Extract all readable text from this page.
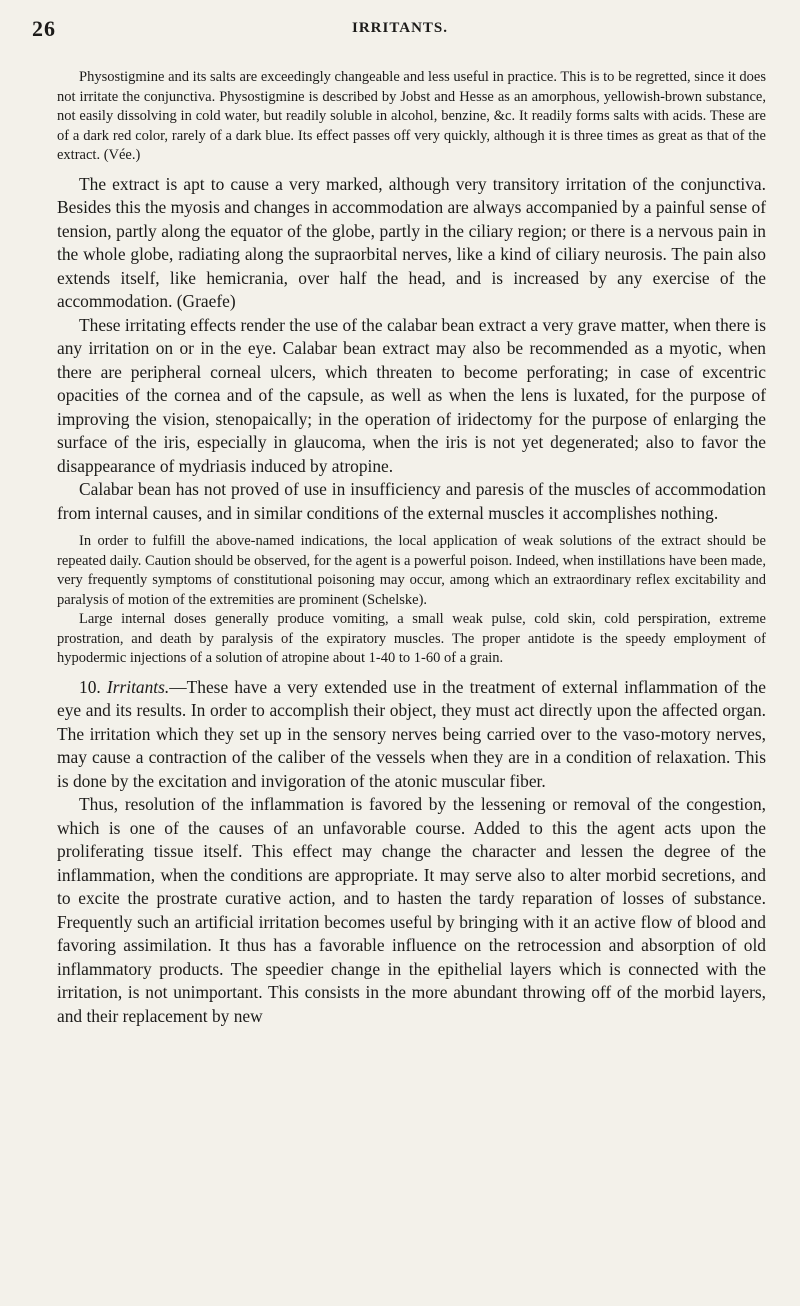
26	IRRITANTS.

Physostigmine and its salts are exceedingly changeable and less useful in practice. This is to be regretted, since it does not irritate the conjunctiva. Physostigmine is described by Jobst and Hesse as an amorphous, yellowish-brown substance, not easily dissolving in cold water, but readily soluble in alcohol, benzine, &c. It readily forms salts with acids. These are of a dark red color, rarely of a dark blue. Its effect passes off very quickly, although it is three times as great as that of the extract. (Vée.)

The extract is apt to cause a very marked, although very transitory irritation of the conjunctiva. Besides this the myosis and changes in accommodation are always accompanied by a painful sense of tension, partly along the equator of the globe, partly in the ciliary region; or there is a nervous pain in the whole globe, radiating along the supraorbital nerves, like a kind of ciliary neurosis. The pain also extends itself, like hemicrania, over half the head, and is increased by any exercise of the accommodation. (Graefe)

These irritating effects render the use of the calabar bean extract a very grave matter, when there is any irritation on or in the eye. Calabar bean extract may also be recommended as a myotic, when there are peripheral corneal ulcers, which threaten to become perforating; in case of excentric opacities of the cornea and of the capsule, as well as when the lens is luxated, for the purpose of improving the vision, stenopaically; in the operation of iridectomy for the purpose of enlarging the surface of the iris, especially in glaucoma, when the iris is not yet degenerated; also to favor the disappearance of mydriasis induced by atropine.

Calabar bean has not proved of use in insufficiency and paresis of the muscles of accommodation from internal causes, and in similar conditions of the external muscles it accomplishes nothing.

In order to fulfill the above-named indications, the local application of weak solutions of the extract should be repeated daily. Caution should be observed, for the agent is a powerful poison. Indeed, when instillations have been made, very frequently symptoms of constitutional poisoning may occur, among which an extraordinary reflex excitability and paralysis of motion of the extremities are prominent (Schelske).

Large internal doses generally produce vomiting, a small weak pulse, cold skin, cold perspiration, extreme prostration, and death by paralysis of the expiratory muscles. The proper antidote is the speedy employment of hypodermic injections of a solution of atropine about 1-40 to 1-60 of a grain.

10. Irritants.—These have a very extended use in the treatment of external inflammation of the eye and its results. In order to accomplish their object, they must act directly upon the affected organ. The irritation which they set up in the sensory nerves being carried over to the vaso-motory nerves, may cause a contraction of the caliber of the vessels when they are in a condition of relaxation. This is done by the excitation and invigoration of the atonic muscular fiber.

Thus, resolution of the inflammation is favored by the lessening or removal of the congestion, which is one of the causes of an unfavorable course. Added to this the agent acts upon the proliferating tissue itself. This effect may change the character and lessen the degree of the inflammation, when the conditions are appropriate. It may serve also to alter morbid secretions, and to excite the prostrate curative action, and to hasten the tardy reparation of losses of substance. Frequently such an artificial irritation becomes useful by bringing with it an active flow of blood and favoring assimilation. It thus has a favorable influence on the retrocession and absorption of old inflammatory products. The speedier change in the epithelial layers which is connected with the irritation, is not unimportant. This consists in the more abundant throwing off of the morbid layers, and their replacement by new
